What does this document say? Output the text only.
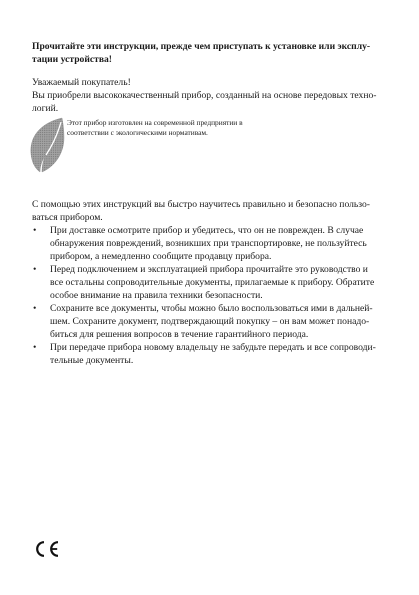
Прочитайте эти инструкции, прежде чем приступать к установке или эксплу-
тации устройства!

Уважаемый покупатель!

Вы приобрели высококачественный прибор, созданный на основе передовых техно-
логий.

Этот прибор изготовлен на современной предприятии в
соответствии с экологическими нормативам.

С помощью этих инструкций вы быстро научитесь правильно и безопасно пользо-
ваться прибором.

• При доставке осмотрите прибор и убедитесь, что он не поврежден. В случае
обнаружения повреждений, возникших при транспортировке, не пользуйтесь
прибором, а немедленно сообщите продавцу прибора.
• Перед подключением и эксплуатацией прибора прочитайте это руководство и
все остальны сопроводительные документы, прилагаемые к прибору. Обратите
особое внимание на правила техники безопасности.
• Сохраните все документы, чтобы можно было воспользоваться ими в дальней-
шем. Сохраните документ, подтверждающий покупку – он вам может понадо-
биться для решения вопросов в течение гарантийного периода.
• При передаче прибора новому владельцу не забудьте передать и все сопроводи-
тельные документы.
